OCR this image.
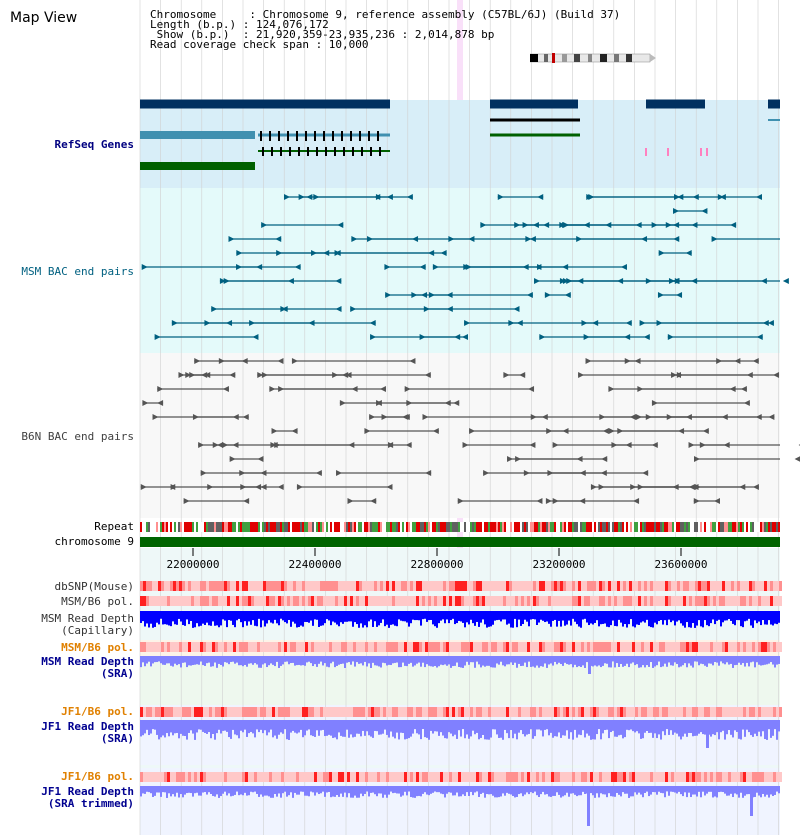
22000000	22400000	22800000	23200000	23600000
Map View	Chromosome     : Chromosome 9, reference assembly (C57BL/6J) (Build 37)
Length (b.p.) : 124,076,172
Show (b.p.)  : 21,920,359-23,935,236 : 2,014,878 bp
Read coverage check span : 10,000
RefSeq Genes
MSM BAC end pairs
B6N BAC end pairs
Repeat
chromosome 9
dbSNP(Mouse)
MSM/B6 pol.
MSM Read Depth
(Capillary)
MSM/B6 pol.
MSM Read Depth
(SRA)
JF1/B6 pol.
JF1 Read Depth
(SRA)
JF1/B6 pol.
JF1 Read Depth
(SRA trimmed)
